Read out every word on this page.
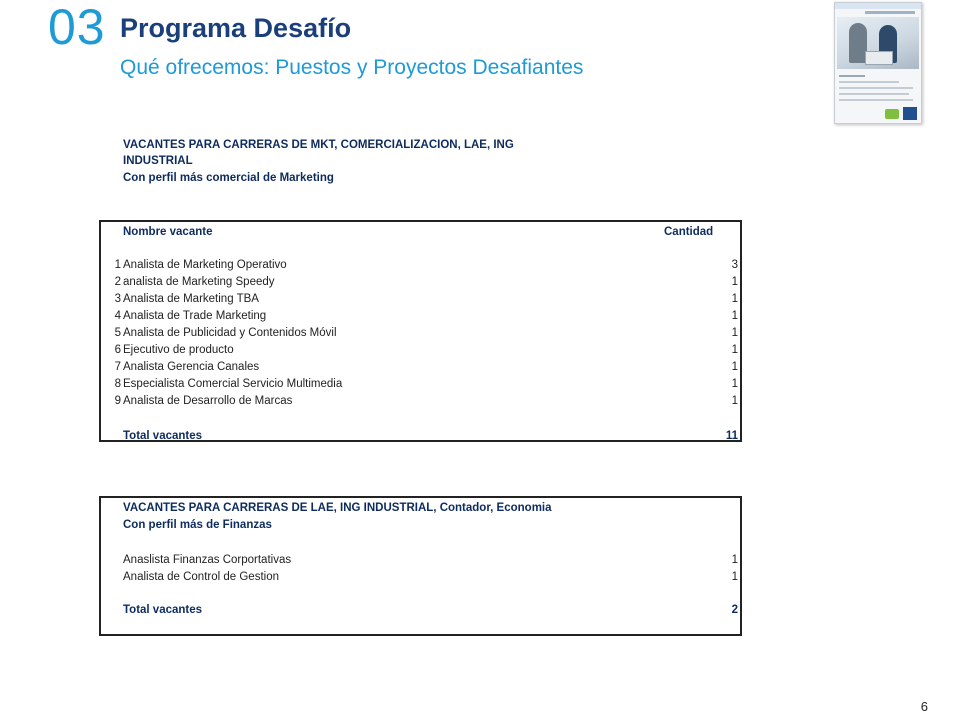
03 Programa Desafío
Qué ofrecemos: Puestos y Proyectos Desafiantes
VACANTES PARA CARRERAS DE MKT, COMERCIALIZACION, LAE, ING
INDUSTRIAL
Con perfil más comercial de Marketing
Nombre vacante	Cantidad
1 Analista de Marketing Operativo	3
2 analista de Marketing Speedy	1
3 Analista de Marketing TBA	1
4 Analista de Trade Marketing	1
5 Analista de Publicidad y Contenidos Móvil	1
6 Ejecutivo de producto	1
7 Analista Gerencia Canales	1
8 Especialista Comercial Servicio Multimedia	1
9 Analista de Desarrollo de Marcas	1
Total vacantes	11
VACANTES PARA CARRERAS DE LAE, ING INDUSTRIAL, Contador, Economia
Con perfil más de Finanzas
Anaslista Finanzas Corportativas	1
Analista de Control de Gestion	1
Total vacantes	2
6
